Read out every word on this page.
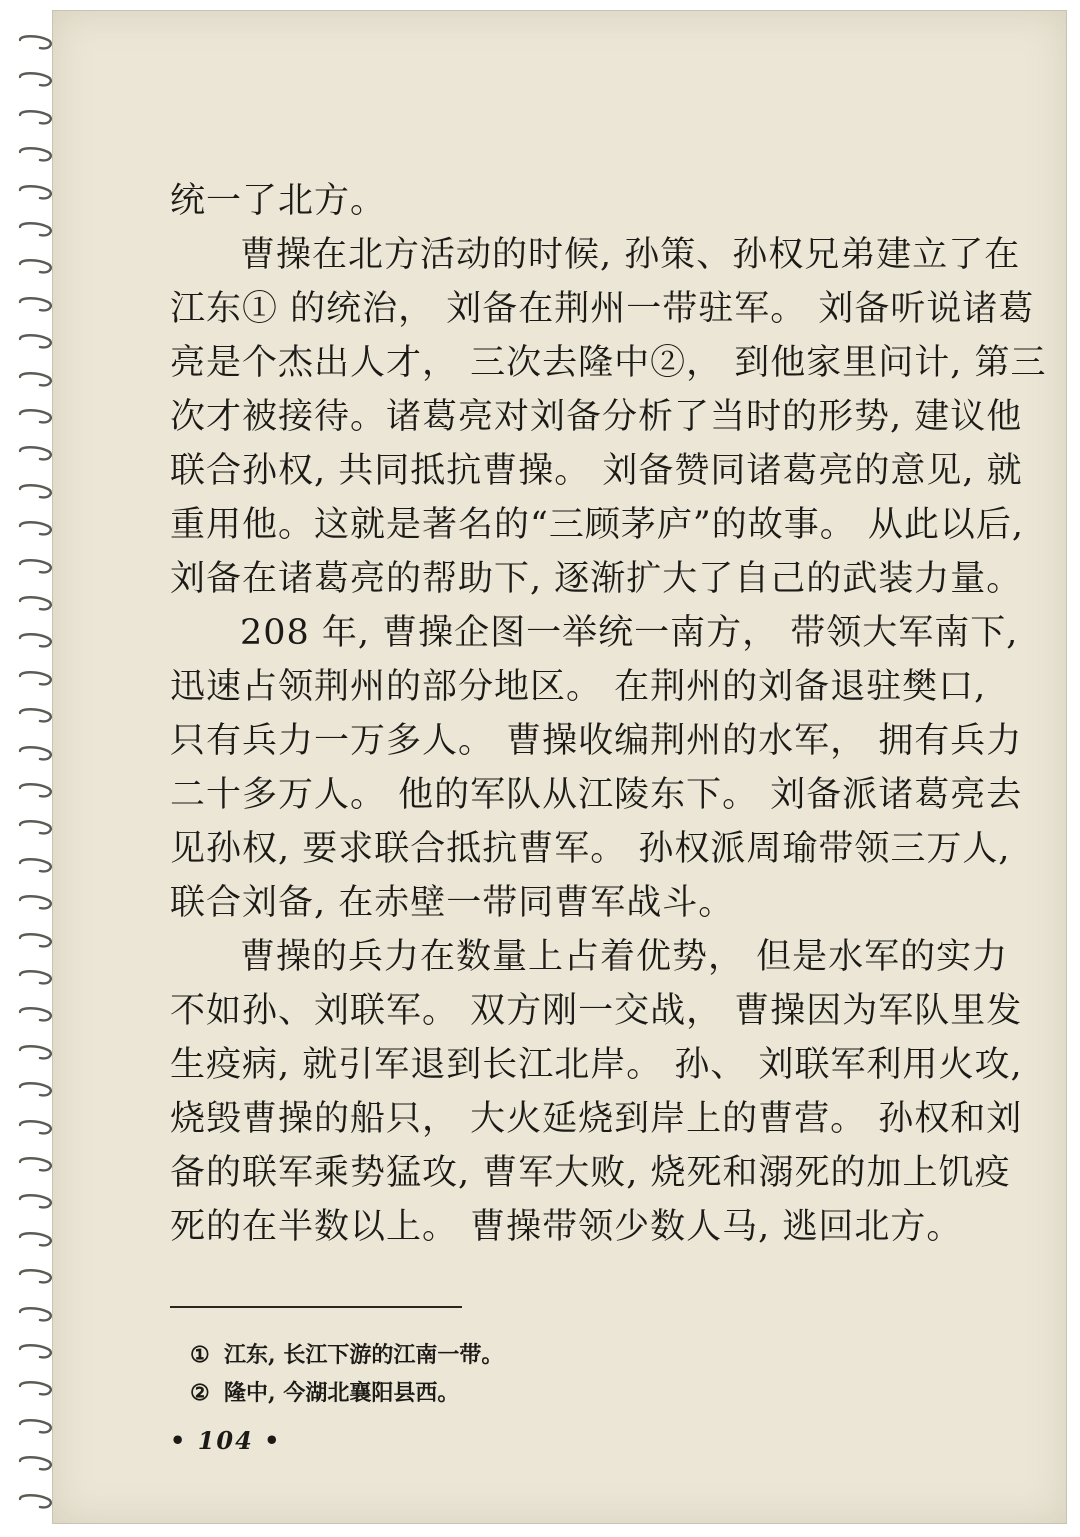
统一了北方。
曹操在北方活动的时候, 孙策、孙权兄弟建立了在
江东① 的统治， 刘备在荆州一带驻军。 刘备听说诸葛
亮是个杰出人才， 三次去隆中②， 到他家里问计, 第三
次才被接待。诸葛亮对刘备分析了当时的形势, 建议他
联合孙权, 共同抵抗曹操。 刘备赞同诸葛亮的意见, 就
重用他。这就是著名的“三顾茅庐”的故事。 从此以后,
刘备在诸葛亮的帮助下, 逐渐扩大了自己的武装力量。
208 年, 曹操企图一举统一南方， 带领大军南下,
迅速占领荆州的部分地区。 在荆州的刘备退驻樊口,
只有兵力一万多人。 曹操收编荆州的水军， 拥有兵力
二十多万人。 他的军队从江陵东下。 刘备派诸葛亮去
见孙权, 要求联合抵抗曹军。 孙权派周瑜带领三万人,
联合刘备, 在赤壁一带同曹军战斗。
曹操的兵力在数量上占着优势， 但是水军的实力
不如孙、刘联军。 双方刚一交战， 曹操因为军队里发
生疫病, 就引军退到长江北岸。 孙、 刘联军利用火攻,
烧毁曹操的船只， 大火延烧到岸上的曹营。 孙权和刘
备的联军乘势猛攻, 曹军大败, 烧死和溺死的加上饥疫
死的在半数以上。 曹操带领少数人马, 逃回北方。
① 江东, 长江下游的江南一带。
② 隆中, 今湖北襄阳县西。
• 104 •
